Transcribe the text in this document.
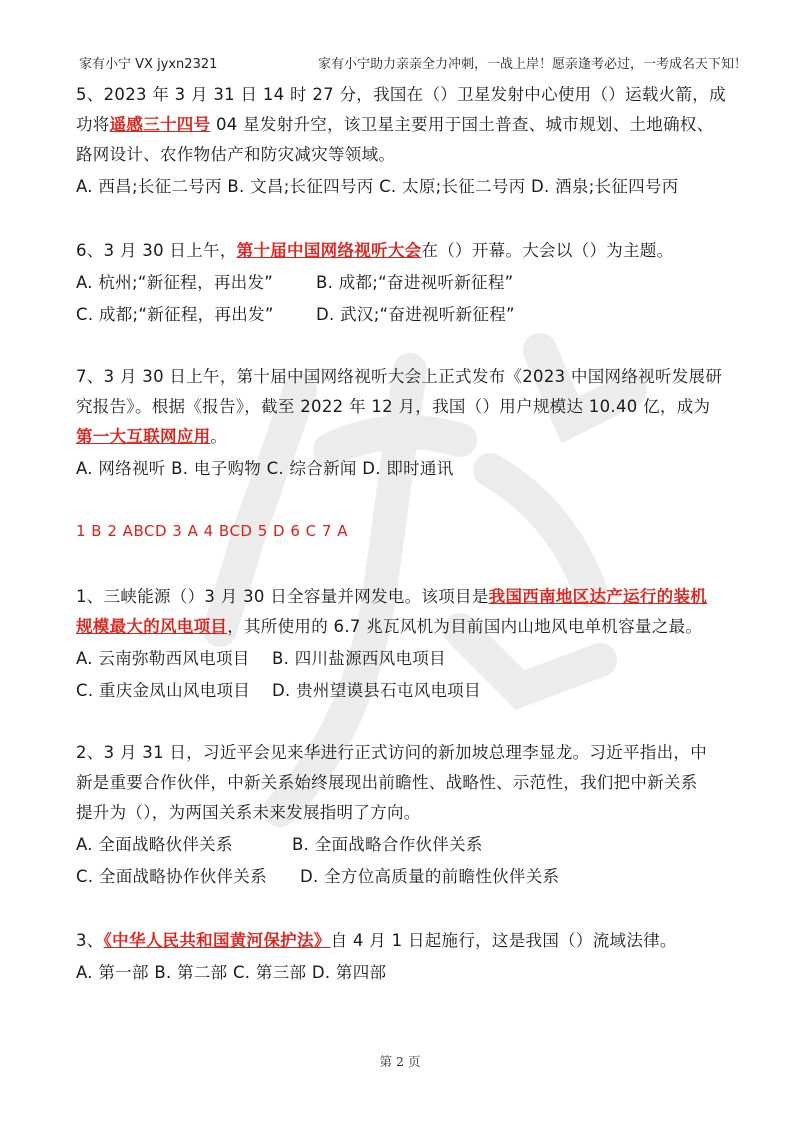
家有小宁 VX jyxn2321	家有小宁助力亲亲全力冲刺，一战上岸！愿亲逢考必过，一考成名天下知！

5、2023 年 3 月 31 日 14 时 27 分，我国在（）卫星发射中心使用（）运载火箭，成

功将遥感三十四号 04 星发射升空，该卫星主要用于国土普查、城市规划、土地确权、

路网设计、农作物估产和防灾减灾等领域。

A. 西昌;长征二号丙 B. 文昌;长征四号丙 C. 太原;长征二号丙 D. 酒泉;长征四号丙

6、3 月 30 日上午，第十届中国网络视听大会在（）开幕。大会以（）为主题。

A. 杭州;“新征程，再出发”	B. 成都;“奋进视听新征程”
C. 成都;“新征程，再出发”	D. 武汉;“奋进视听新征程”

7、3 月 30 日上午，第十届中国网络视听大会上正式发布《2023 中国网络视听发展研

究报告》。根据《报告》，截至 2022 年 12 月，我国（）用户规模达 10.40 亿，成为

第一大互联网应用。

A. 网络视听 B. 电子购物 C. 综合新闻 D. 即时通讯

1 B 2 ABCD 3 A 4 BCD 5 D 6 C 7 A

1、三峡能源（）3 月 30 日全容量并网发电。该项目是我国西南地区达产运行的装机

规模最大的风电项目，其所使用的 6.7 兆瓦风机为目前国内山地风电单机容量之最。

A. 云南弥勒西风电项目	B. 四川盐源西风电项目
C. 重庆金凤山风电项目	D. 贵州望谟县石屯风电项目

2、3 月 31 日，习近平会见来华进行正式访问的新加坡总理李显龙。习近平指出，中

新是重要合作伙伴，中新关系始终展现出前瞻性、战略性、示范性，我们把中新关系

提升为（），为两国关系未来发展指明了方向。

A. 全面战略伙伴关系	B. 全面战略合作伙伴关系
C. 全面战略协作伙伴关系	D. 全方位高质量的前瞻性伙伴关系

3、《中华人民共和国黄河保护法》自 4 月 1 日起施行，这是我国（）流域法律。

A. 第一部 B. 第二部 C. 第三部 D. 第四部

第 2 页
